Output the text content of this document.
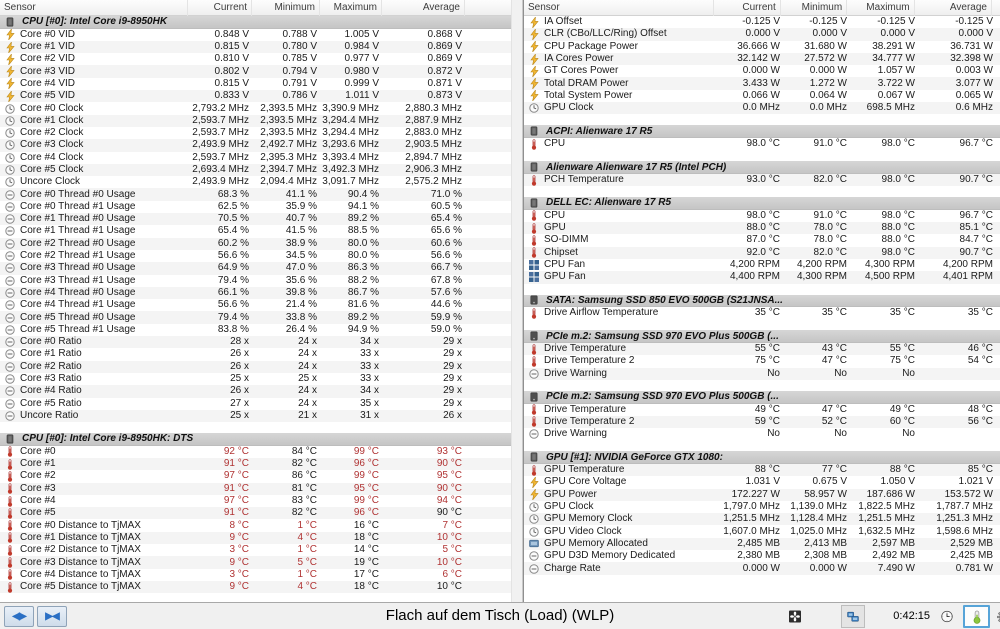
Sensor	Current	Minimum	Maximum	Average
CPU [#0]: Intel Core i9-8950HK
Core #0 VID	0.848 V	0.788 V	1.005 V	0.868 V
Core #1 VID	0.815 V	0.780 V	0.984 V	0.869 V
Core #2 VID	0.810 V	0.785 V	0.977 V	0.869 V
Core #3 VID	0.802 V	0.794 V	0.980 V	0.872 V
Core #4 VID	0.815 V	0.791 V	0.999 V	0.871 V
Core #5 VID	0.833 V	0.786 V	1.011 V	0.873 V
Core #0 Clock	2,793.2 MHz	2,393.5 MHz 3,390.9 MHz	2,880.3 MHz
Core #1 Clock	2,593.7 MHz	2,393.5 MHz 3,294.4 MHz	2,887.9 MHz
Core #2 Clock	2,593.7 MHz	2,393.5 MHz 3,294.4 MHz	2,883.0 MHz
Core #3 Clock	2,493.9 MHz	2,492.7 MHz 3,293.6 MHz	2,903.5 MHz
Core #4 Clock	2,593.7 MHz	2,395.3 MHz 3,393.4 MHz	2,894.7 MHz
Core #5 Clock	2,693.4 MHz	2,394.7 MHz 3,492.3 MHz	2,906.3 MHz
Uncore Clock	2,493.9 MHz	2,094.4 MHz 3,091.7 MHz	2,575.2 MHz
Core #0 Thread #0 Usage	68.3 %	41.1 %	90.4 %	71.0 %
Core #0 Thread #1 Usage	62.5 %	35.9 %	94.1 %	60.5 %
Core #1 Thread #0 Usage	70.5 %	40.7 %	89.2 %	65.4 %
Core #1 Thread #1 Usage	65.4 %	41.5 %	88.5 %	65.6 %
Core #2 Thread #0 Usage	60.2 %	38.9 %	80.0 %	60.6 %
Core #2 Thread #1 Usage	56.6 %	34.5 %	80.0 %	56.6 %
Core #3 Thread #0 Usage	64.9 %	47.0 %	86.3 %	66.7 %
Core #3 Thread #1 Usage	79.4 %	35.6 %	88.2 %	67.8 %
Core #4 Thread #0 Usage	66.1 %	39.8 %	86.7 %	57.6 %
Core #4 Thread #1 Usage	56.6 %	21.4 %	81.6 %	44.6 %
Core #5 Thread #0 Usage	79.4 %	33.8 %	89.2 %	59.9 %
Core #5 Thread #1 Usage	83.8 %	26.4 %	94.9 %	59.0 %
Core #0 Ratio	28 x	24 x	34 x	29 x
Core #1 Ratio	26 x	24 x	33 x	29 x
Core #2 Ratio	26 x	24 x	33 x	29 x
Core #3 Ratio	25 x	25 x	33 x	29 x
Core #4 Ratio	26 x	24 x	34 x	29 x
Core #5 Ratio	27 x	24 x	35 x	29 x
Uncore Ratio	25 x	21 x	31 x	26 x
CPU [#0]: Intel Core i9-8950HK: DTS
Core #0	92 °C	84 °C	99 °C	93 °C
Core #1	91 °C	82 °C	96 °C	90 °C
Core #2	97 °C	86 °C	99 °C	95 °C
Core #3	91 °C	81 °C	95 °C	90 °C
Core #4	97 °C	83 °C	99 °C	94 °C
Core #5	91 °C	82 °C	96 °C	90 °C
Core #0 Distance to TjMAX	8 °C	1 °C	16 °C	7 °C
Core #1 Distance to TjMAX	9 °C	4 °C	18 °C	10 °C
Core #2 Distance to TjMAX	3 °C	1 °C	14 °C	5 °C
Core #3 Distance to TjMAX	9 °C	5 °C	19 °C	10 °C
Core #4 Distance to TjMAX	3 °C	1 °C	17 °C	6 °C
Core #5 Distance to TjMAX	9 °C	4 °C	18 °C	10 °C
Sensor	Current	Minimum	Maximum	Average
IA Offset	-0.125 V	-0.125 V	-0.125 V	-0.125 V
CLR (CBo/LLC/Ring) Offset	0.000 V	0.000 V	0.000 V	0.000 V
CPU Package Power	36.666 W	31.680 W	38.291 W	36.731 W
IA Cores Power	32.142 W	27.572 W	34.777 W	32.398 W
GT Cores Power	0.000 W	0.000 W	1.057 W	0.003 W
Total DRAM Power	3.433 W	1.272 W	3.722 W	3.077 W
Total System Power	0.066 W	0.064 W	0.067 W	0.065 W
GPU Clock	0.0 MHz	0.0 MHz	698.5 MHz	0.6 MHz
ACPI: Alienware 17 R5
CPU	98.0 °C	91.0 °C	98.0 °C	96.7 °C
Alienware Alienware 17 R5 (Intel PCH)
PCH Temperature	93.0 °C	82.0 °C	98.0 °C	90.7 °C
DELL EC: Alienware 17 R5
CPU	98.0 °C	91.0 °C	98.0 °C	96.7 °C
GPU	88.0 °C	78.0 °C	88.0 °C	85.1 °C
SO-DIMM	87.0 °C	78.0 °C	88.0 °C	84.7 °C
Chipset	92.0 °C	82.0 °C	98.0 °C	90.7 °C
CPU Fan	4,200 RPM	4,200 RPM	4,300 RPM	4,200 RPM
GPU Fan	4,400 RPM	4,300 RPM	4,500 RPM	4,401 RPM
SATA: Samsung SSD 850 EVO 500GB (S21JNSA...
Drive Airflow Temperature	35 °C	35 °C	35 °C	35 °C
PCIe m.2: Samsung SSD 970 EVO Plus 500GB (...
Drive Temperature	55 °C	43 °C	55 °C	46 °C
Drive Temperature 2	75 °C	47 °C	75 °C	54 °C
Drive Warning	No	No	No
PCIe m.2: Samsung SSD 970 EVO Plus 500GB (...
Drive Temperature	49 °C	47 °C	49 °C	48 °C
Drive Temperature 2	59 °C	52 °C	60 °C	56 °C
Drive Warning	No	No	No
GPU [#1]: NVIDIA GeForce GTX 1080:
GPU Temperature	88 °C	77 °C	88 °C	85 °C
GPU Core Voltage	1.031 V	0.675 V	1.050 V	1.021 V
GPU Power	172.227 W	58.957 W	187.686 W	153.572 W
GPU Clock	1,797.0 MHz	1,139.0 MHz	1,822.5 MHz	1,787.7 MHz
GPU Memory Clock	1,251.5 MHz	1,128.4 MHz	1,251.5 MHz	1,251.3 MHz
GPU Video Clock	1,607.0 MHz	1,025.0 MHz	1,632.5 MHz	1,598.6 MHz
GPU Memory Allocated	2,485 MB	2,413 MB	2,597 MB	2,529 MB
GPU D3D Memory Dedicated	2,380 MB	2,308 MB	2,492 MB	2,425 MB
Charge Rate	0.000 W	0.000 W	7.490 W	0.781 W
◀▶ ▶◀	Flach auf dem Tisch (Load) (WLP)	0:42:15
